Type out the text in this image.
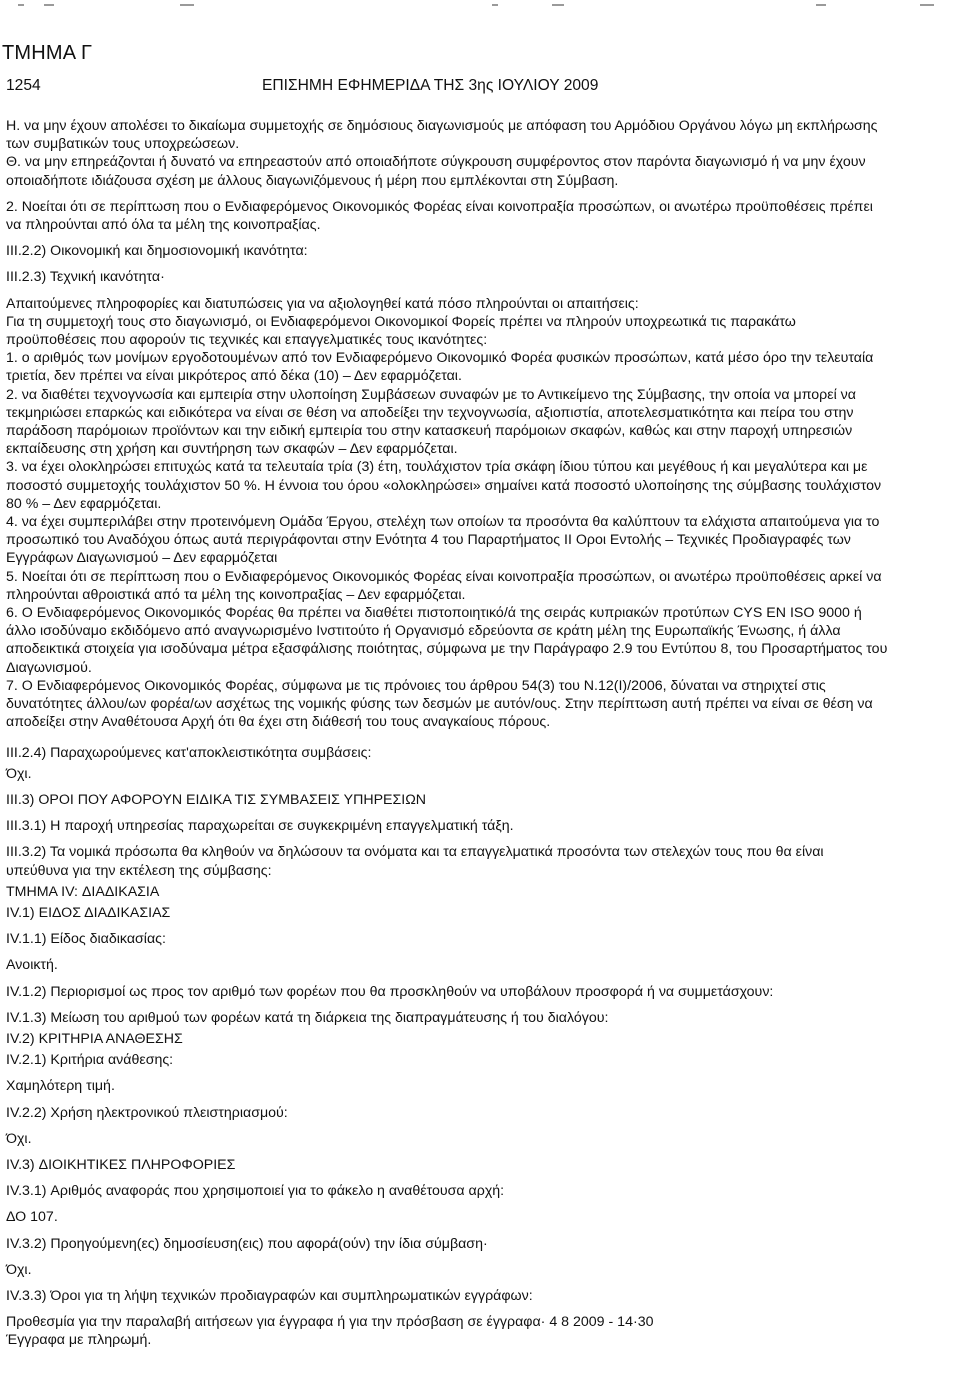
ΤΜΗΜΑ Γ
1254	ΕΠΙΣΗΜΗ ΕΦΗΜΕΡΙΔΑ ΤΗΣ 3ης ΙΟΥΛΙΟΥ 2009

Η. να μην έχουν απολέσει το δικαίωμα συμμετοχής σε δημόσιους διαγωνισμούς με απόφαση του Αρμόδιου Οργάνου λόγω μη εκπλήρωσης των συμβατικών τους υποχρεώσεων.

Θ. να μην επηρεάζονται ή δυνατό να επηρεαστούν από οποιαδήποτε σύγκρουση συμφέροντος στον παρόντα διαγωνισμό ή να μην έχουν οποιαδήποτε ιδιάζουσα σχέση με άλλους διαγωνιζόμενους ή μέρη που εμπλέκονται στη Σύμβαση.

2. Νοείται ότι σε περίπτωση που ο Ενδιαφερόμενος Οικονομικός Φορέας είναι κοινοπραξία προσώπων, οι ανωτέρω προϋποθέσεις πρέπει να πληρούνται από όλα τα μέλη της κοινοπραξίας.

ΙΙΙ.2.2) Οικονομική και δημοσιονομική ικανότητα:

ΙΙΙ.2.3) Τεχνική ικανότητα·

Απαιτούμενες πληροφορίες και διατυπώσεις για να αξιολογηθεί κατά πόσο πληρούνται οι απαιτήσεις:

Για τη συμμετοχή τους στο διαγωνισμό, οι Ενδιαφερόμενοι Οικονομικοί Φορείς πρέπει να πληρούν υποχρεωτικά τις παρακάτω προϋποθέσεις που αφορούν τις τεχνικές και επαγγελματικές τους ικανότητες:

1. ο αριθμός των μονίμων εργοδοτουμένων από τον Ενδιαφερόμενο Οικονομικό Φορέα φυσικών προσώπων, κατά μέσο όρο την τελευταία τριετία, δεν πρέπει να είναι μικρότερος από δέκα (10) – Δεν εφαρμόζεται.

2. να διαθέτει τεχνογνωσία και εμπειρία στην υλοποίηση Συμβάσεων συναφών με το Αντικείμενο της Σύμβασης, την οποία να μπορεί να τεκμηριώσει επαρκώς και ειδικότερα να είναι σε θέση να αποδείξει την τεχνογνωσία, αξιοπιστία, αποτελεσματικότητα και πείρα του στην παράδοση παρόμοιων προϊόντων και την ειδική εμπειρία του στην κατασκευή παρόμοιων σκαφών, καθώς και στην παροχή υπηρεσιών εκπαίδευσης στη χρήση και συντήρηση των σκαφών – Δεν εφαρμόζεται.

3. να έχει ολοκληρώσει επιτυχώς κατά τα τελευταία τρία (3) έτη, τουλάχιστον τρία σκάφη ίδιου τύπου και μεγέθους ή και μεγαλύτερα και με ποσοστό συμμετοχής τουλάχιστον 50 %. Η έννοια του όρου «ολοκληρώσει» σημαίνει κατά ποσοστό υλοποίησης της σύμβασης τουλάχιστον 80 % – Δεν εφαρμόζεται.

4. να έχει συμπεριλάβει στην προτεινόμενη Ομάδα Έργου, στελέχη των οποίων τα προσόντα θα καλύπτουν τα ελάχιστα απαιτούμενα για το προσωπικό του Αναδόχου όπως αυτά περιγράφονται στην Ενότητα 4 του Παραρτήματος ΙΙ Οροι Εντολής – Τεχνικές Προδιαγραφές των Εγγράφων Διαγωνισμού – Δεν εφαρμόζεται

5. Νοείται ότι σε περίπτωση που ο Ενδιαφερόμενος Οικονομικός Φορέας είναι κοινοπραξία προσώπων, οι ανωτέρω προϋποθέσεις αρκεί να πληρούνται αθροιστικά από τα μέλη της κοινοπραξίας – Δεν εφαρμόζεται.

6. Ο Ενδιαφερόμενος Οικονομικός Φορέας θα πρέπει να διαθέτει πιστοποιητικό/ά της σειράς κυπριακών προτύπων CYS EN ISO 9000 ή άλλο ισοδύναμο εκδιδόμενο από αναγνωρισμένο Ινστιτούτο ή Οργανισμό εδρεύοντα σε κράτη μέλη της Ευρωπαϊκής Ένωσης, ή άλλα αποδεικτικά στοιχεία για ισοδύναμα μέτρα εξασφάλισης ποιότητας, σύμφωνα με την Παράγραφο 2.9 του Εντύπου 8, του Προσαρτήματος του Διαγωνισμού.

7. Ο Ενδιαφερόμενος Οικονομικός Φορέας, σύμφωνα με τις πρόνοιες του άρθρου 54(3) του Ν.12(Ι)/2006, δύναται να στηριχτεί στις δυνατότητες άλλου/ων φορέα/ων ασχέτως της νομικής φύσης των δεσμών με αυτόν/ους. Στην περίπτωση αυτή πρέπει να είναι σε θέση να αποδείξει στην Αναθέτουσα Αρχή ότι θα έχει στη διάθεσή του τους αναγκαίους πόρους.

ΙΙΙ.2.4) Παραχωρούμενες κατ'αποκλειστικότητα συμβάσεις:

Όχι.

ΙΙΙ.3) ΟΡΟΙ ΠΟΥ ΑΦΟΡΟΥΝ ΕΙΔΙΚΑ ΤΙΣ ΣΥΜΒΑΣΕΙΣ ΥΠΗΡΕΣΙΩΝ

ΙΙΙ.3.1) Η παροχή υπηρεσίας παραχωρείται σε συγκεκριμένη επαγγελματική τάξη.

ΙΙΙ.3.2) Τα νομικά πρόσωπα θα κληθούν να δηλώσουν τα ονόματα και τα επαγγελματικά προσόντα των στελεχών τους που θα είναι υπεύθυνα για την εκτέλεση της σύμβασης:

ΤΜΗΜΑ ΙV: ΔΙΑΔΙΚΑΣΙΑ

ΙV.1) ΕΙΔΟΣ ΔΙΑΔΙΚΑΣΙΑΣ

ΙV.1.1) Είδος διαδικασίας:

Ανοικτή.

ΙV.1.2) Περιορισμοί ως προς τον αριθμό των φορέων που θα προσκληθούν να υποβάλουν προσφορά ή να συμμετάσχουν:

ΙV.1.3) Μείωση του αριθμού των φορέων κατά τη διάρκεια της διαπραγμάτευσης ή του διαλόγου:

ΙV.2) ΚΡΙΤΗΡΙΑ ΑΝΑΘΕΣΗΣ

ΙV.2.1) Κριτήρια ανάθεσης:

Χαμηλότερη τιμή.

ΙV.2.2) Χρήση ηλεκτρονικού πλειστηριασμού:

Όχι.

ΙV.3) ΔΙΟΙΚΗΤΙΚΕΣ ΠΛΗΡΟΦΟΡΙΕΣ

ΙV.3.1) Αριθμός αναφοράς που χρησιμοποιεί για το φάκελο η αναθέτουσα αρχή:

ΔΟ 107.

ΙV.3.2) Προηγούμενη(ες) δημοσίευση(εις) που αφορά(ούν) την ίδια σύμβαση·

Όχι.

ΙV.3.3) Όροι για τη λήψη τεχνικών προδιαγραφών και συμπληρωματικών εγγράφων:

Προθεσμία για την παραλαβή αιτήσεων για έγγραφα ή για την πρόσβαση σε έγγραφα· 4 8 2009 - 14·30

Έγγραφα με πληρωμή.
